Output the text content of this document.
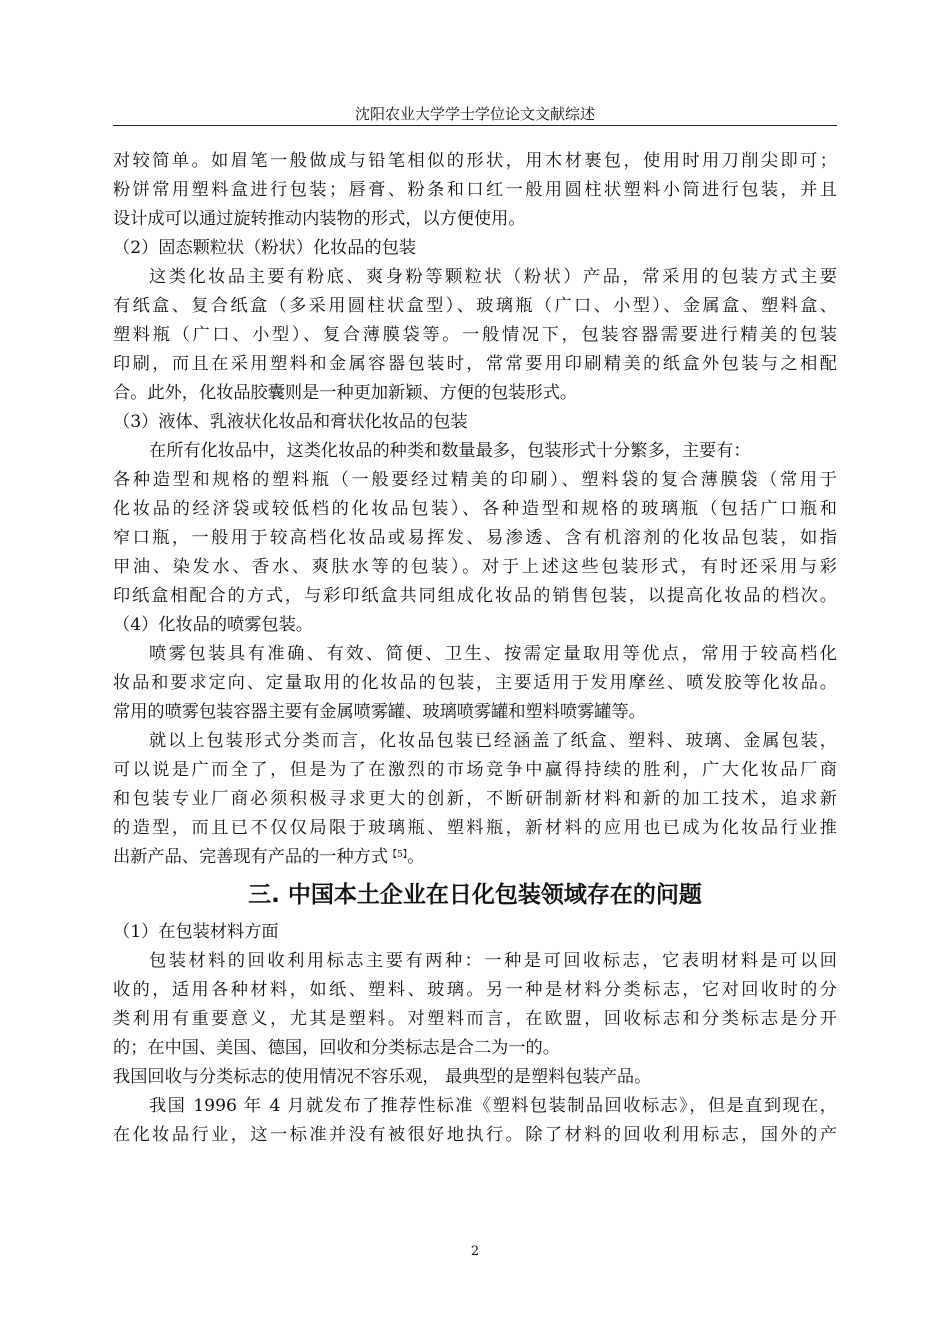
沈阳农业大学学士学位论文文献综述
对较简单。如眉笔一般做成与铅笔相似的形状，用木材裹包，使用时用刀削尖即可；
粉饼常用塑料盒进行包装；唇膏、粉条和口红一般用圆柱状塑料小筒进行包装，并且
设计成可以通过旋转推动内装物的形式，以方便使用。
（2）固态颗粒状（粉状）化妆品的包装
这类化妆品主要有粉底、爽身粉等颗粒状（粉状）产品，常采用的包装方式主要
有纸盒、复合纸盒（多采用圆柱状盒型）、玻璃瓶（广口、小型）、金属盒、塑料盒、
塑料瓶（广口、小型）、复合薄膜袋等。一般情况下，包装容器需要进行精美的包装
印刷，而且在采用塑料和金属容器包装时，常常要用印刷精美的纸盒外包装与之相配
合。此外，化妆品胶囊则是一种更加新颖、方便的包装形式。
（3）液体、乳液状化妆品和膏状化妆品的包装
在所有化妆品中，这类化妆品的种类和数量最多，包装形式十分繁多，主要有：
各种造型和规格的塑料瓶（一般要经过精美的印刷）、塑料袋的复合薄膜袋（常用于
化妆品的经济袋或较低档的化妆品包装）、各种造型和规格的玻璃瓶（包括广口瓶和
窄口瓶，一般用于较高档化妆品或易挥发、易渗透、含有机溶剂的化妆品包装，如指
甲油、染发水、香水、爽肤水等的包装）。对于上述这些包装形式，有时还采用与彩
印纸盒相配合的方式，与彩印纸盒共同组成化妆品的销售包装，以提高化妆品的档次。
（4）化妆品的喷雾包装。
喷雾包装具有准确、有效、简便、卫生、按需定量取用等优点，常用于较高档化
妆品和要求定向、定量取用的化妆品的包装，主要适用于发用摩丝、喷发胶等化妆品。
常用的喷雾包装容器主要有金属喷雾罐、玻璃喷雾罐和塑料喷雾罐等。
就以上包装形式分类而言，化妆品包装已经涵盖了纸盒、塑料、玻璃、金属包装，
可以说是广而全了，但是为了在激烈的市场竞争中赢得持续的胜利，广大化妆品厂商
和包装专业厂商必须积极寻求更大的创新，不断研制新材料和新的加工技术，追求新
的造型，而且已不仅仅局限于玻璃瓶、塑料瓶，新材料的应用也已成为化妆品行业推
出新产品、完善现有产品的一种方式$^{【5】}$。
三. 中国本土企业在日化包装领域存在的问题
（1）在包装材料方面
包装材料的回收利用标志主要有两种：一种是可回收标志，它表明材料是可以回
收的，适用各种材料，如纸、塑料、玻璃。另一种是材料分类标志，它对回收时的分
类利用有重要意义，尤其是塑料。对塑料而言，在欧盟，回收标志和分类标志是分开
的；在中国、美国、德国，回收和分类标志是合二为一的。
我国回收与分类标志的使用情况不容乐观， 最典型的是塑料包装产品。
我国 1996 年 4 月就发布了推荐性标准《塑料包装制品回收标志》，但是直到现在，
在化妆品行业，这一标准并没有被很好地执行。除了材料的回收利用标志，国外的产
2
